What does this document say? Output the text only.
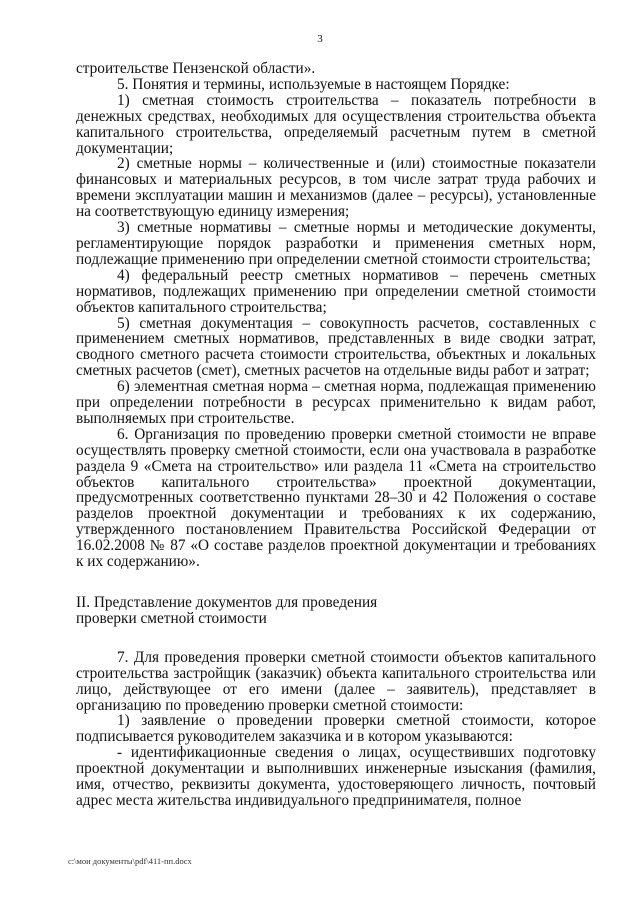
3

строительстве Пензенской области».

5. Понятия и термины, используемые в настоящем Порядке:

1) сметная стоимость строительства – показатель потребности в денежных средствах, необходимых для осуществления строительства объекта капитального строительства, определяемый расчетным путем в сметной документации;

2) сметные нормы – количественные и (или) стоимостные показатели финансовых и материальных ресурсов, в том числе затрат труда рабочих и времени эксплуатации машин и механизмов (далее – ресурсы), установленные на соответствующую единицу измерения;

3) сметные нормативы – сметные нормы и методические документы, регламентирующие порядок разработки и применения сметных норм, подлежащие применению при определении сметной стоимости строительства;

4) федеральный реестр сметных нормативов – перечень сметных нормативов, подлежащих применению при определении сметной стоимости объектов капитального строительства;

5) сметная документация – совокупность расчетов, составленных с применением сметных нормативов, представленных в виде сводки затрат, сводного сметного расчета стоимости строительства, объектных и локальных сметных расчетов (смет), сметных расчетов на отдельные виды работ и затрат;

6) элементная сметная норма – сметная норма, подлежащая применению при определении потребности в ресурсах применительно к видам работ, выполняемых при строительстве.

6. Организация по проведению проверки сметной стоимости не вправе осуществлять проверку сметной стоимости, если она участвовала в разработке раздела 9 «Смета на строительство» или раздела 11 «Смета на строительство объектов капитального строительства» проектной документации, предусмотренных соответственно пунктами 28–30 и 42 Положения о составе разделов проектной документации и требованиях к их содержанию, утвержденного постановлением Правительства Российской Федерации от 16.02.2008 № 87 «О составе разделов проектной документации и требованиях к их содержанию».

II. Представление документов для проведения
проверки сметной стоимости

7. Для проведения проверки сметной стоимости объектов капитального строительства застройщик (заказчик) объекта капитального строительства или лицо, действующее от его имени (далее – заявитель), представляет в организацию по проведению проверки сметной стоимости:

1) заявление о проведении проверки сметной стоимости, которое подписывается руководителем заказчика и в котором указываются:

- идентификационные сведения о лицах, осуществивших подготовку проектной документации и выполнивших инженерные изыскания (фамилия, имя, отчество, реквизиты документа, удостоверяющего личность, почтовый адрес места жительства индивидуального предпринимателя, полное

c:\мои документы\pdf\411-пп.docx
